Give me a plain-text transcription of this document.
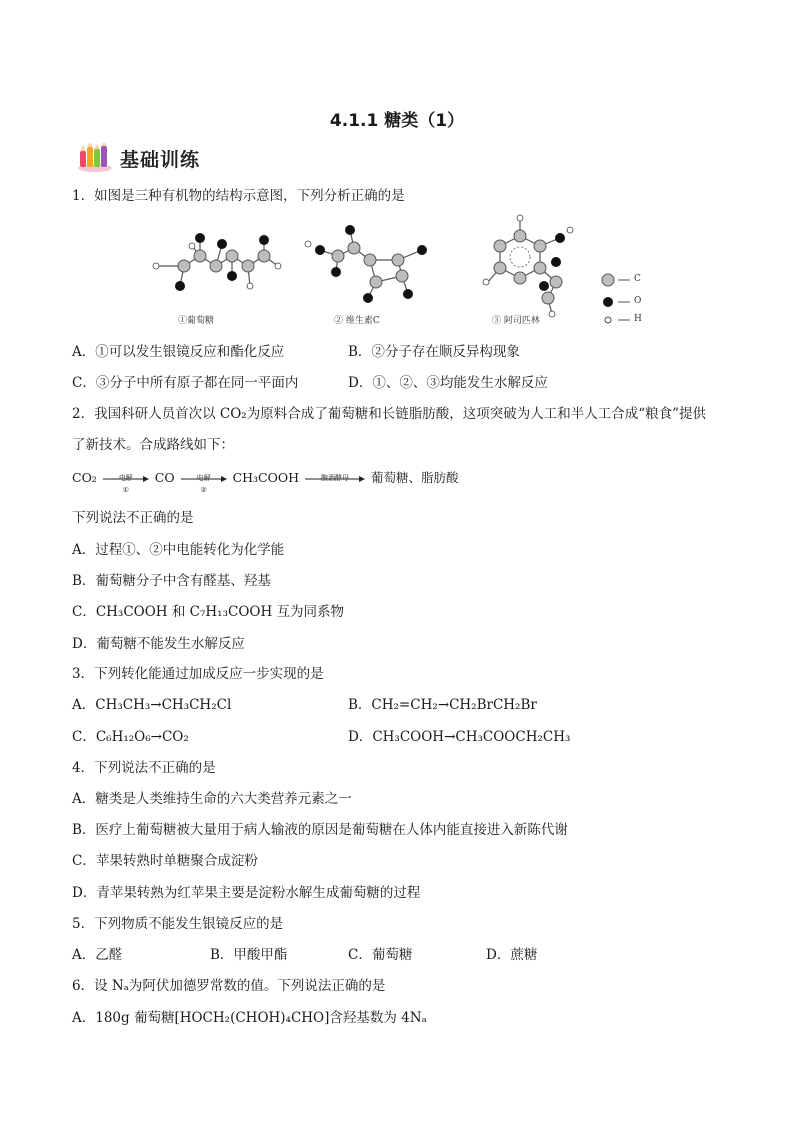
4.1.1 糖类（1）
基础训练
1．如图是三种有机物的结构示意图，下列分析正确的是
①葡萄糖	② 维生素C	③ 阿司匹林
C
O
H
A．①可以发生银镜反应和酯化反应	B．②分子存在顺反异构现象
C．③分子中所有原子都在同一平面内	D．①、②、③均能发生水解反应
2．我国科研人员首次以 CO₂为原料合成了葡萄糖和长链脂肪酸，这项突破为人工和半人工合成“粮食”提供
了新技术。合成路线如下：
CO₂	电解
①
CO	电解
②
CH₃COOH	酿酒酵母	葡萄糖、脂肪酸
下列说法不正确的是
A．过程①、②中电能转化为化学能
B．葡萄糖分子中含有醛基、羟基
C．CH₃COOH 和 C₇H₁₃COOH 互为同系物
D．葡萄糖不能发生水解反应
3．下列转化能通过加成反应一步实现的是
A．CH₃CH₃→CH₃CH₂Cl	B．CH₂=CH₂→CH₂BrCH₂Br
C．C₆H₁₂O₆→CO₂	D．CH₃COOH→CH₃COOCH₂CH₃
4．下列说法不正确的是
A．糖类是人类维持生命的六大类营养元素之一
B．医疗上葡萄糖被大量用于病人输液的原因是葡萄糖在人体内能直接进入新陈代谢
C．苹果转熟时单糖聚合成淀粉
D．青苹果转熟为红苹果主要是淀粉水解生成葡萄糖的过程
5．下列物质不能发生银镜反应的是
A．乙醛	B．甲酸甲酯	C．葡萄糖	D．蔗糖
6．设 Nₐ为阿伏加德罗常数的值。下列说法正确的是
A．180g 葡萄糖[HOCH₂(CHOH)₄CHO]含羟基数为 4Nₐ
